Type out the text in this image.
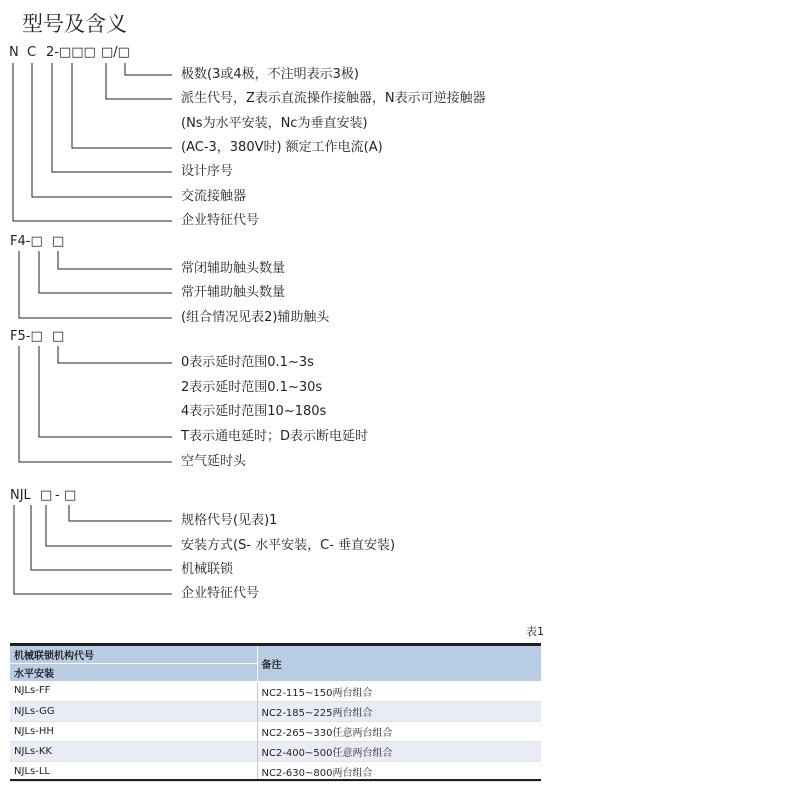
型号及含义
N C 2-□□□ □/□
极数(3或4极，不注明表示3极)
派生代号，Z表示直流操作接触器，N表示可逆接触器
(Ns为水平安装，Nc为垂直安装)
(AC-3，380V时) 额定工作电流(A)
设计序号
交流接触器
企业特征代号
F4-□ □
常闭辅助触头数量
常开辅助触头数量
(组合情况见表2)辅助触头
F5-□ □
0表示延时范围0.1~3s
2表示延时范围0.1~30s
4表示延时范围10~180s
T表示通电延时；D表示断电延时
空气延时头
NJL □ - □
规格代号(见表)1
安装方式(S- 水平安装，C- 垂直安装)
机械联锁
企业特征代号
表1
机械联锁机构代号	备注
水平安装	
NJLs-FF	NC2-115~150两台组合
NJLs-GG	NC2-185~225两台组合
NJLs-HH	NC2-265~330任意两台组合
NJLs-KK	NC2-400~500任意两台组合
NJLs-LL	NC2-630~800两台组合
